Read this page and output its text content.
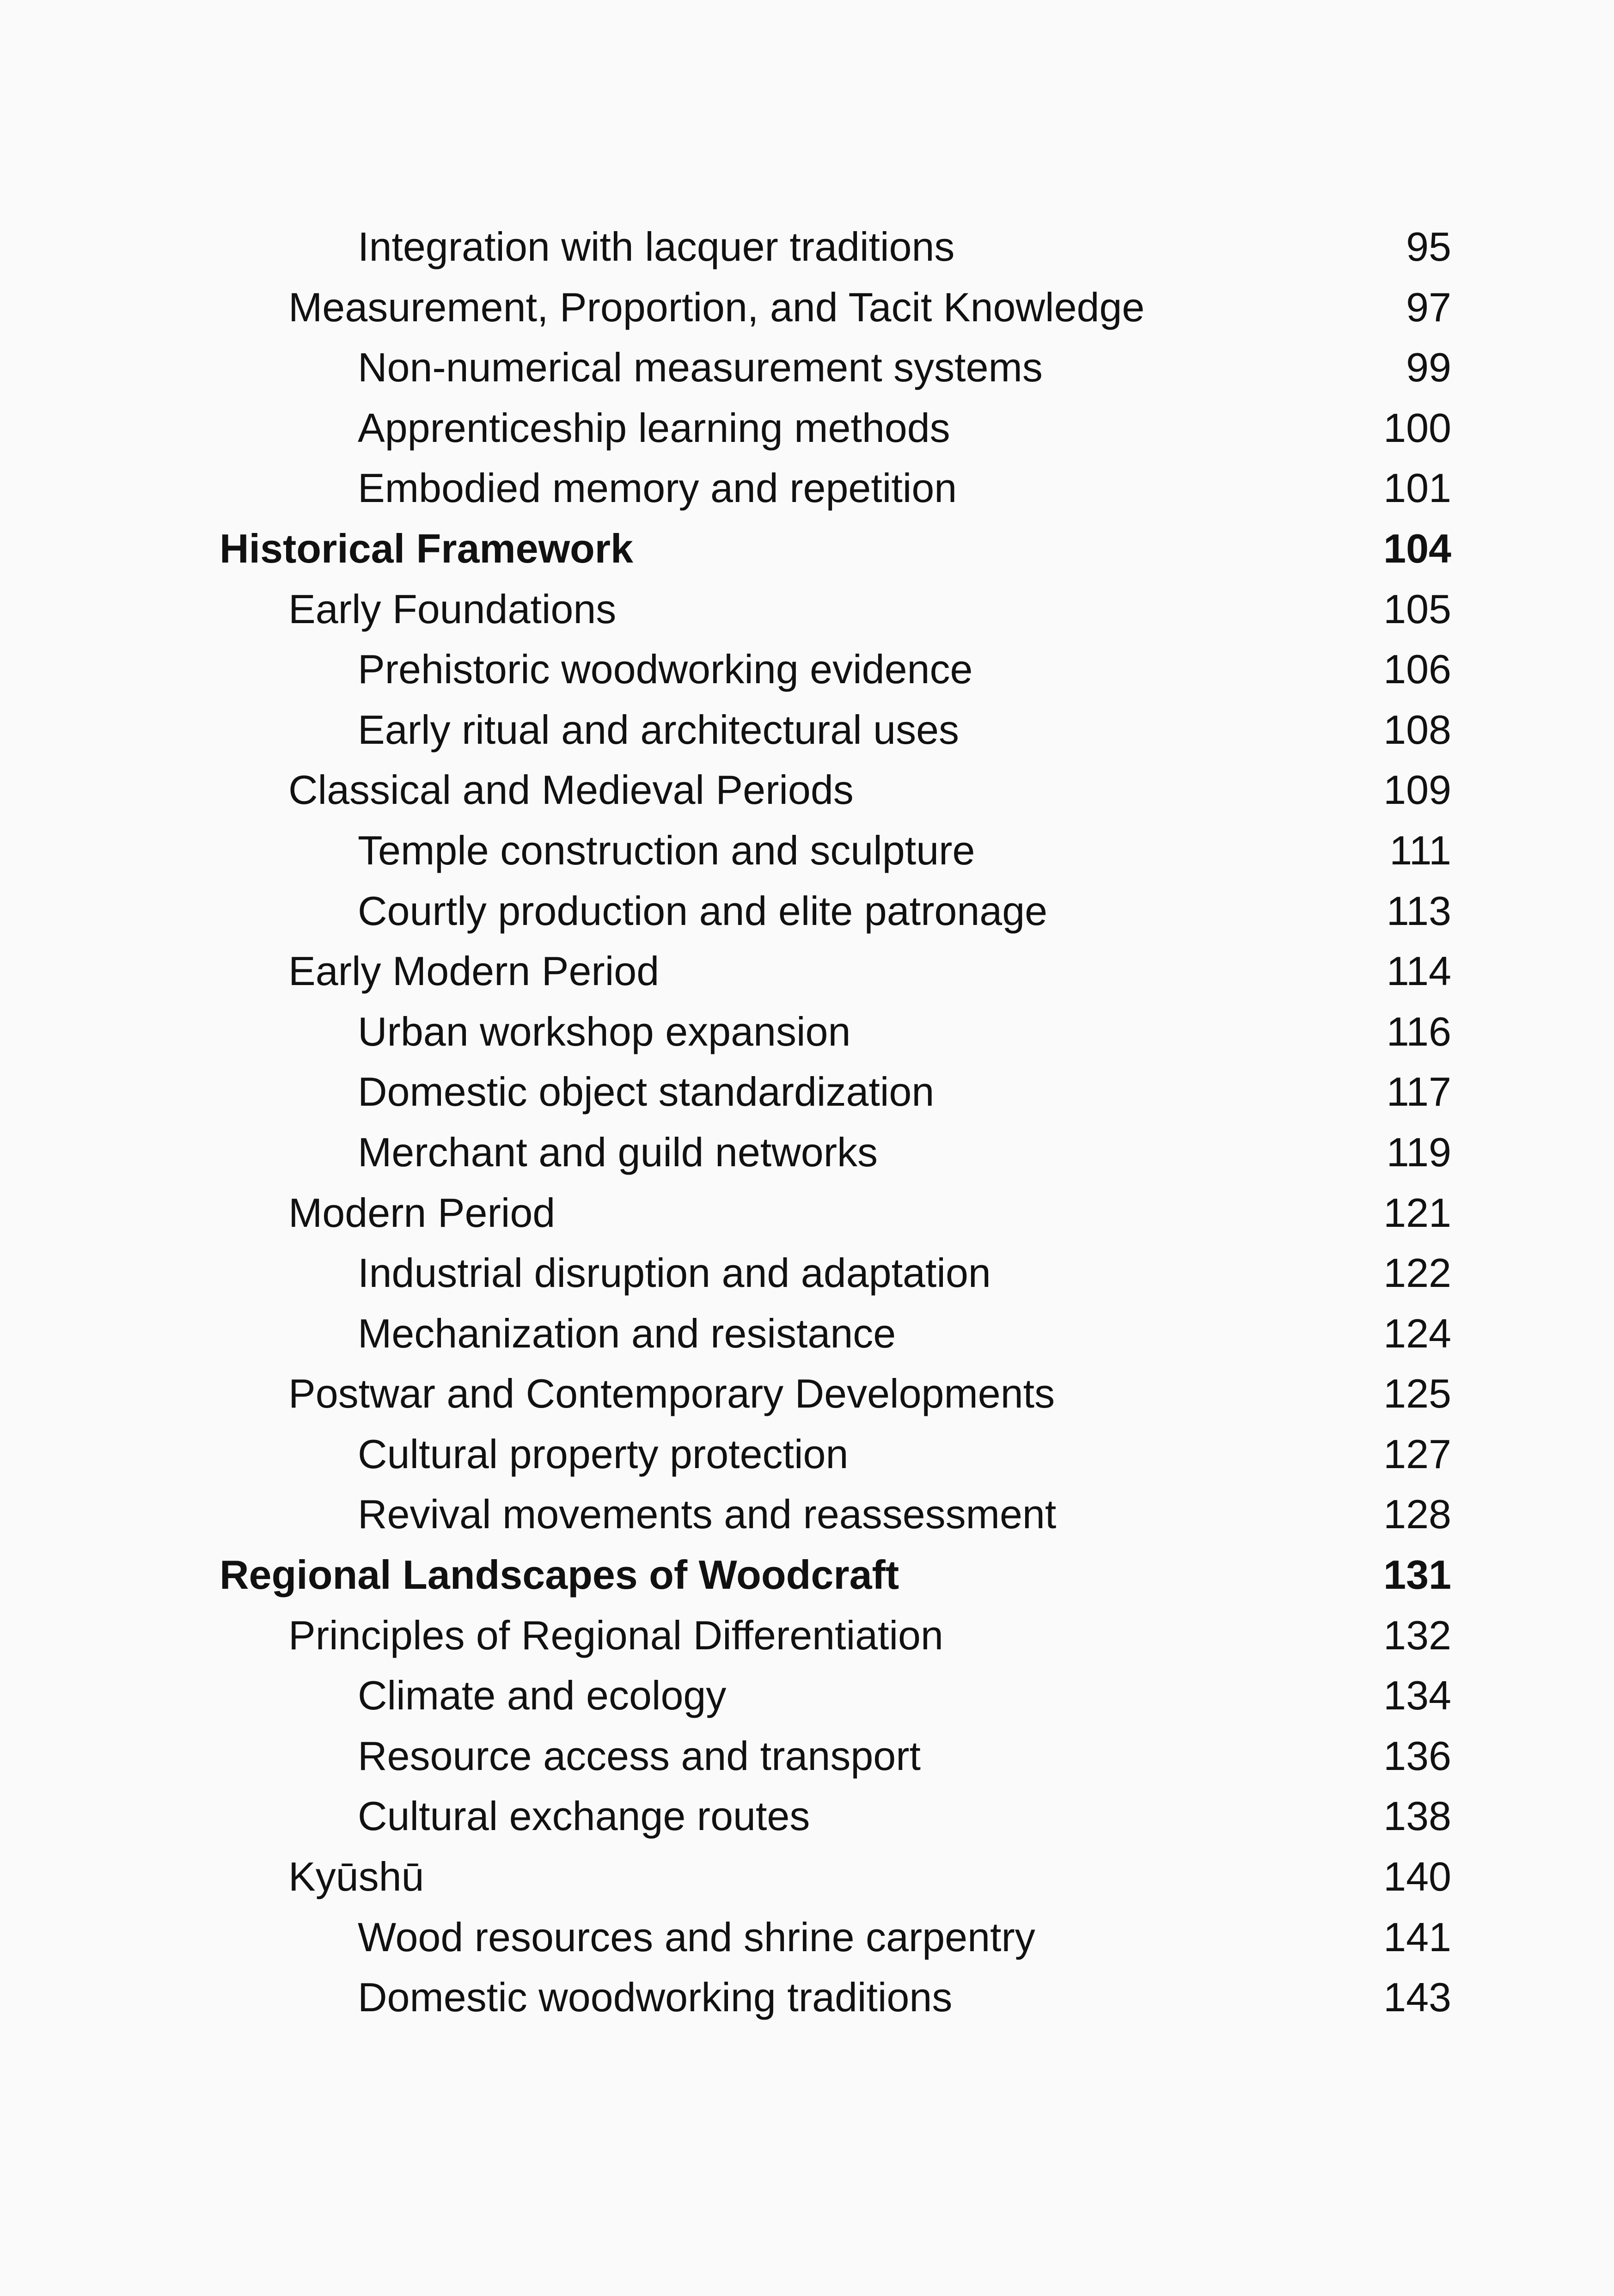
Integration with lacquer traditions	95
Measurement, Proportion, and Tacit Knowledge	97
Non-numerical measurement systems	99
Apprenticeship learning methods	100
Embodied memory and repetition	101
Historical Framework	104
Early Foundations	105
Prehistoric woodworking evidence	106
Early ritual and architectural uses	108
Classical and Medieval Periods	109
Temple construction and sculpture	111
Courtly production and elite patronage	113
Early Modern Period	114
Urban workshop expansion	116
Domestic object standardization	117
Merchant and guild networks	119
Modern Period	121
Industrial disruption and adaptation	122
Mechanization and resistance	124
Postwar and Contemporary Developments	125
Cultural property protection	127
Revival movements and reassessment	128
Regional Landscapes of Woodcraft	131
Principles of Regional Differentiation	132
Climate and ecology	134
Resource access and transport	136
Cultural exchange routes	138
Kyūshū	140
Wood resources and shrine carpentry	141
Domestic woodworking traditions	143
